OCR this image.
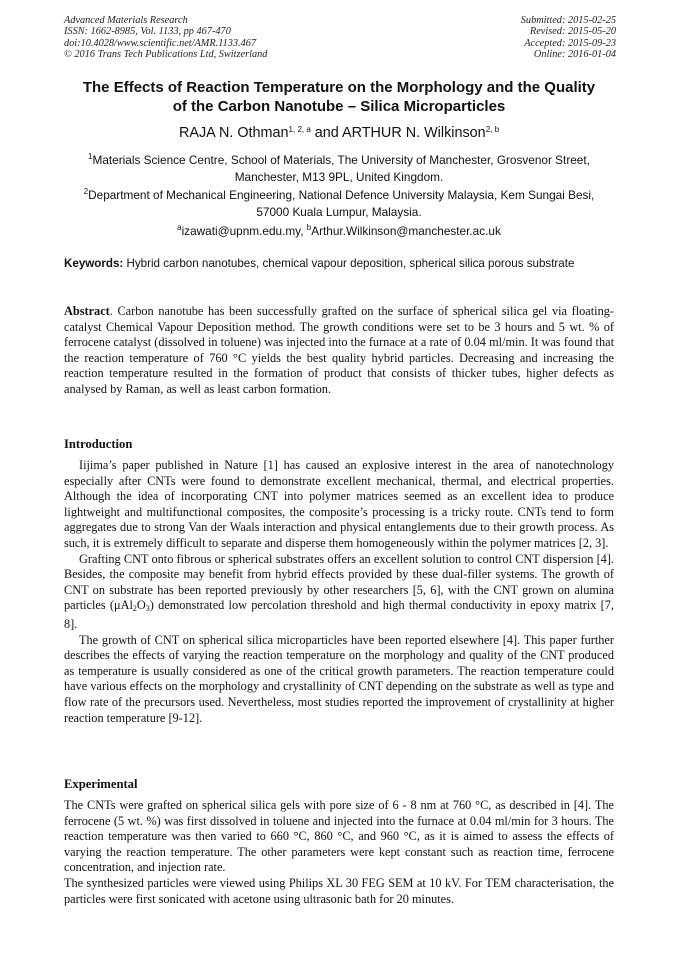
Advanced Materials Research
ISSN: 1662-8985, Vol. 1133, pp 467-470
doi:10.4028/www.scientific.net/AMR.1133.467
© 2016 Trans Tech Publications Ltd, Switzerland
Submitted: 2015-02-25
Revised: 2015-05-20
Accepted: 2015-09-23
Online: 2016-01-04
The Effects of Reaction Temperature on the Morphology and the Quality
of the Carbon Nanotube – Silica Microparticles
RAJA N. Othman$^{1, 2, a}$ and ARTHUR N. Wilkinson$^{2, b}$
$^1$Materials Science Centre, School of Materials, The University of Manchester, Grosvenor Street,
Manchester, M13 9PL, United Kingdom.
$^2$Department of Mechanical Engineering, National Defence University Malaysia, Kem Sungai Besi,
57000 Kuala Lumpur, Malaysia.
$^a$izawati@upnm.edu.my, $^b$Arthur.Wilkinson@manchester.ac.uk
Keywords: Hybrid carbon nanotubes, chemical vapour deposition, spherical silica porous substrate
Abstract. Carbon nanotube has been successfully grafted on the surface of spherical silica gel via floating-catalyst Chemical Vapour Deposition method. The growth conditions were set to be 3 hours and 5 wt. % of ferrocene catalyst (dissolved in toluene) was injected into the furnace at a rate of 0.04 ml/min. It was found that the reaction temperature of 760 °C yields the best quality hybrid particles. Decreasing and increasing the reaction temperature resulted in the formation of product that consists of thicker tubes, higher defects as analysed by Raman, as well as least carbon formation.
Introduction

Iijima’s paper published in Nature [1] has caused an explosive interest in the area of nanotechnology especially after CNTs were found to demonstrate excellent mechanical, thermal, and electrical properties. Although the idea of incorporating CNT into polymer matrices seemed as an excellent idea to produce lightweight and multifunctional composites, the composite’s processing is a tricky route. CNTs tend to form aggregates due to strong Van der Waals interaction and physical entanglements due to their growth process. As such, it is extremely difficult to separate and disperse them homogeneously within the polymer matrices [2, 3].

Grafting CNT onto fibrous or spherical substrates offers an excellent solution to control CNT dispersion [4]. Besides, the composite may benefit from hybrid effects provided by these dual-filler systems. The growth of CNT on substrate has been reported previously by other researchers [5, 6], with the CNT grown on alumina particles $(\mu Al_2O_3)$ demonstrated low percolation threshold and high thermal conductivity in epoxy matrix [7, 8].

The growth of CNT on spherical silica microparticles have been reported elsewhere [4]. This paper further describes the effects of varying the reaction temperature on the morphology and quality of the CNT produced as temperature is usually considered as one of the critical growth parameters. The reaction temperature could have various effects on the morphology and crystallinity of CNT depending on the substrate as well as type and flow rate of the precursors used. Nevertheless, most studies reported the improvement of crystallinity at higher reaction temperature [9-12].

Experimental

The CNTs were grafted on spherical silica gels with pore size of 6 - 8 nm at 760 °C, as described in [4]. The ferrocene (5 wt. %) was first dissolved in toluene and injected into the furnace at 0.04 ml/min for 3 hours. The reaction temperature was then varied to 660 °C, 860 °C, and 960 °C, as it is aimed to assess the effects of varying the reaction temperature. The other parameters were kept constant such as reaction time, ferrocene concentration, and injection rate.

The synthesized particles were viewed using Philips XL 30 FEG SEM at 10 kV. For TEM characterisation, the particles were first sonicated with acetone using ultrasonic bath for 20 minutes.
